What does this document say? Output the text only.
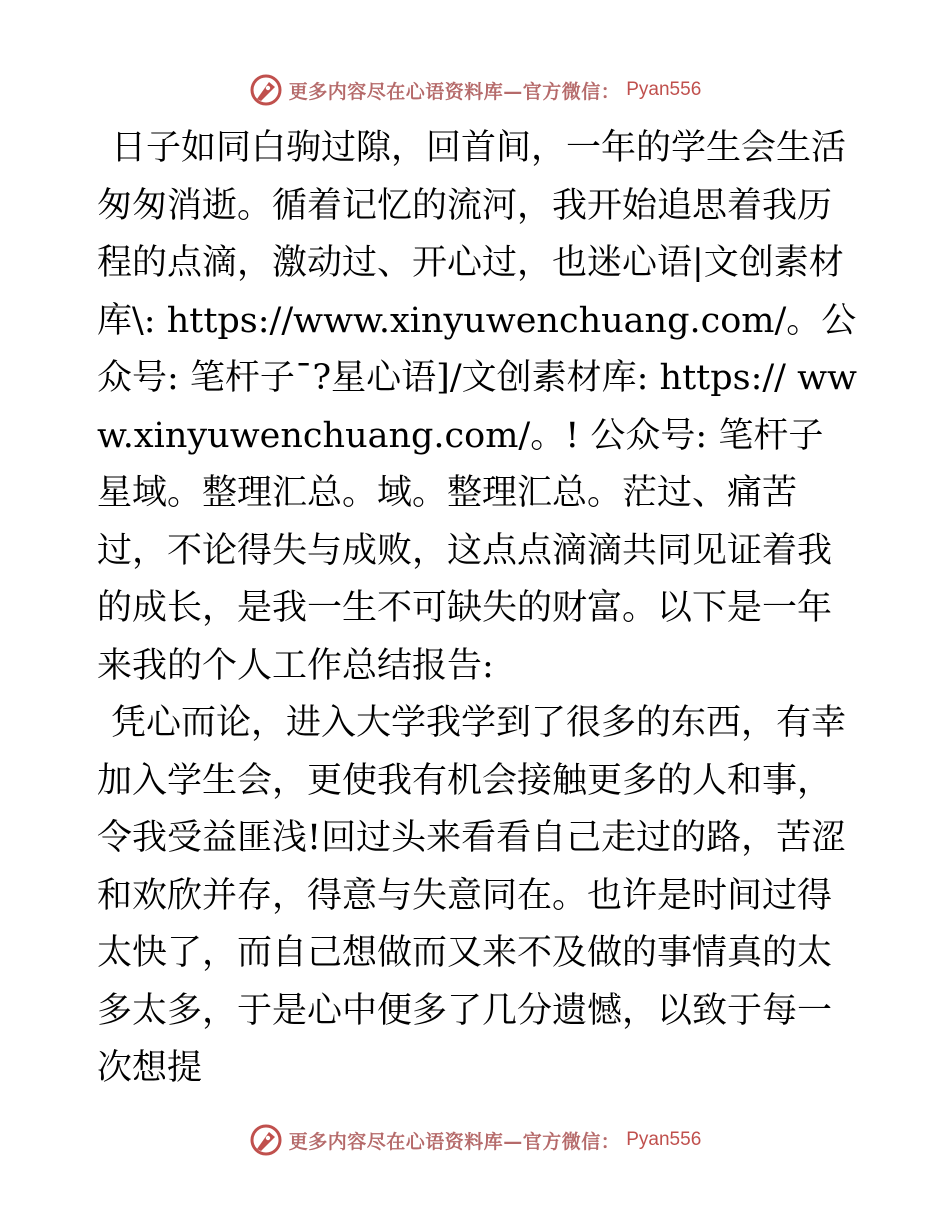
更多内容尽在心语资料库—官方微信： Pyan556

日子如同白驹过隙，回首间，一年的学生会生活匆匆消逝。循着记忆的流河，我开始追思着我历程的点滴，激动过、开心过，也迷心语|文创素材库\: https://www.xinyuwenchuang.com/。公众号: 笔杆子¯?星心语]/文创素材库: https:// www.xinyuwenchuang.com/。! 公众号: 笔杆子星域。整理汇总。域。整理汇总。茫过、痛苦过，不论得失与成败，这点点滴滴共同见证着我的成长，是我一生不可缺失的财富。以下是一年来我的个人工作总结报告:

凭心而论，进入大学我学到了很多的东西，有幸加入学生会，更使我有机会接触更多的人和事，令我受益匪浅!回过头来看看自己走过的路，苦涩和欢欣并存，得意与失意同在。也许是时间过得太快了，而自己想做而又来不及做的事情真的太多太多，于是心中便多了几分遗憾，以致于每一次想提

更多内容尽在心语资料库—官方微信： Pyan556
